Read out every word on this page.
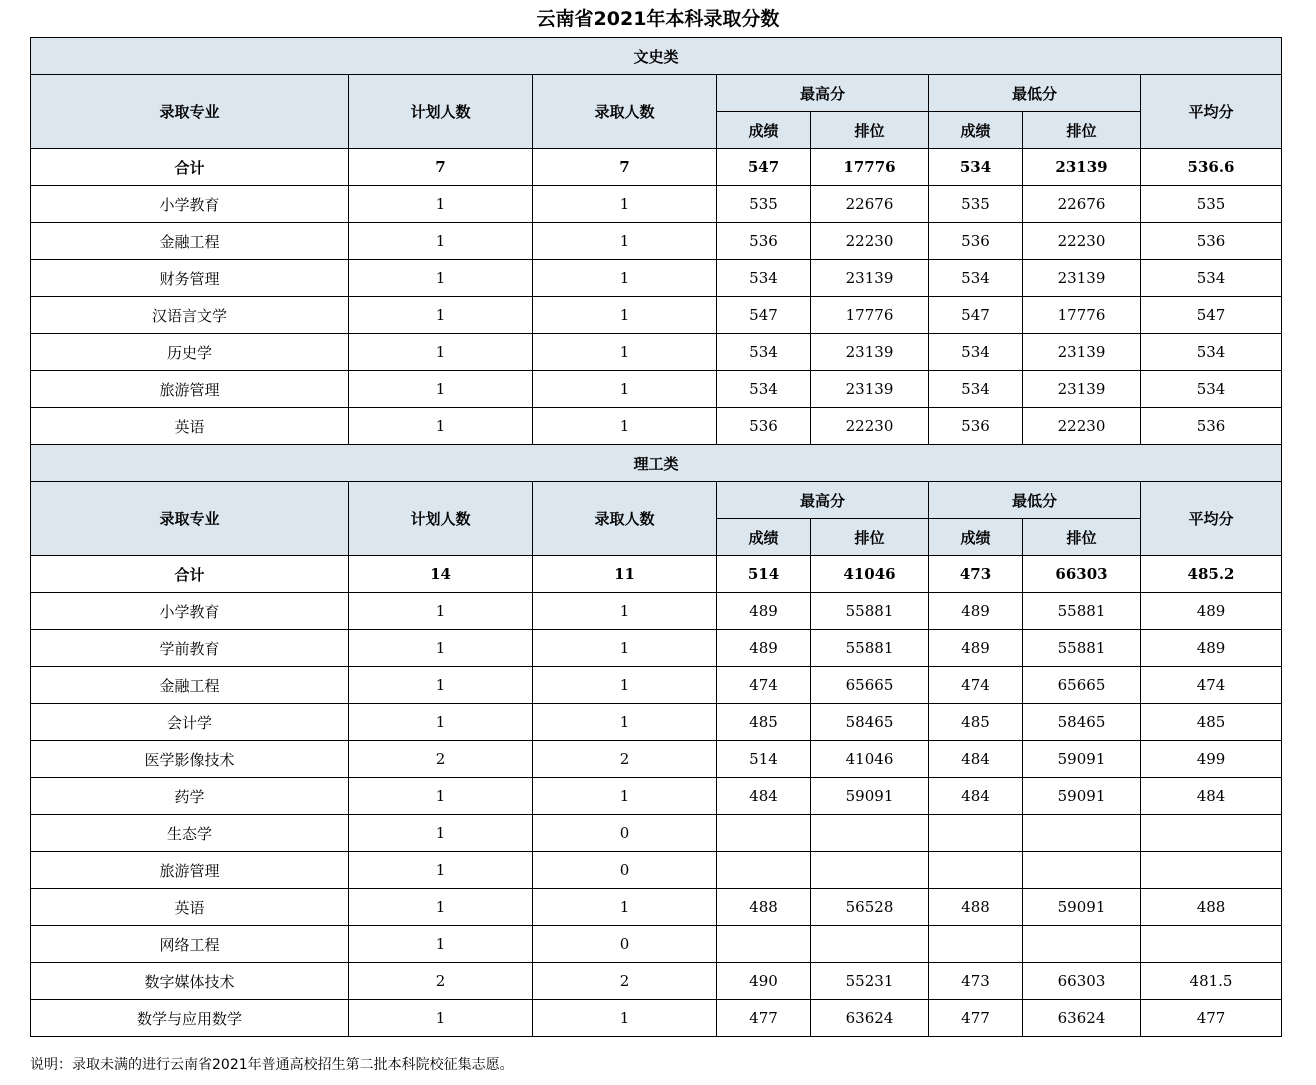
云南省2021年本科录取分数
文史类							
录取专业	计划人数	录取人数	最高分		最低分		平均分
			成绩	排位	成绩	排位	
合计	7	7	547	17776	534	23139	536.6
小学教育	1	1	535	22676	535	22676	535
金融工程	1	1	536	22230	536	22230	536
财务管理	1	1	534	23139	534	23139	534
汉语言文学	1	1	547	17776	547	17776	547
历史学	1	1	534	23139	534	23139	534
旅游管理	1	1	534	23139	534	23139	534
英语	1	1	536	22230	536	22230	536
理工类							
录取专业	计划人数	录取人数	最高分		最低分		平均分
			成绩	排位	成绩	排位	
合计	14	11	514	41046	473	66303	485.2
小学教育	1	1	489	55881	489	55881	489
学前教育	1	1	489	55881	489	55881	489
金融工程	1	1	474	65665	474	65665	474
会计学	1	1	485	58465	485	58465	485
医学影像技术	2	2	514	41046	484	59091	499
药学	1	1	484	59091	484	59091	484
生态学	1	0					
旅游管理	1	0					
英语	1	1	488	56528	488	59091	488
网络工程	1	0					
数字媒体技术	2	2	490	55231	473	66303	481.5
数学与应用数学	1	1	477	63624	477	63624	477
说明：录取未满的进行云南省2021年普通高校招生第二批本科院校征集志愿。
